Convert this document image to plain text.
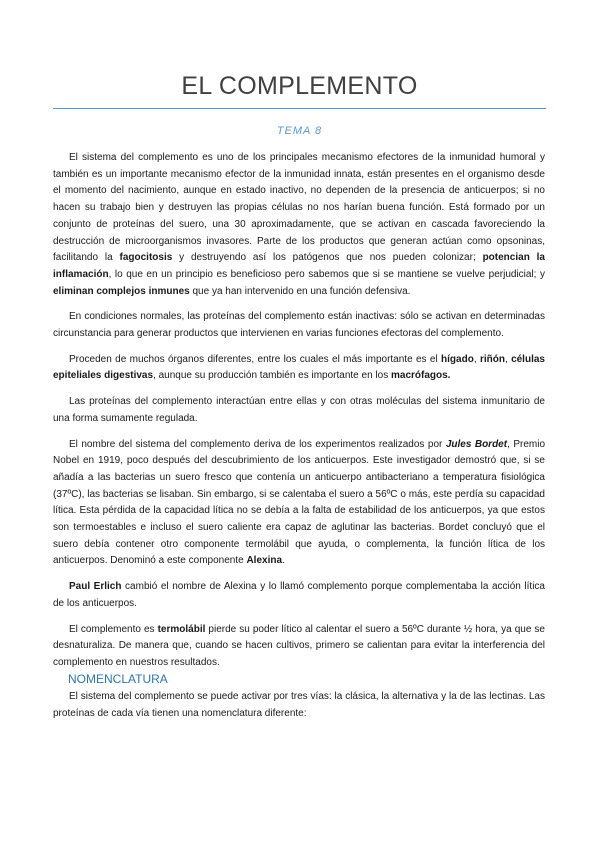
EL COMPLEMENTO
TEMA 8

El sistema del complemento es uno de los principales mecanismo efectores de la inmunidad humoral y también es un importante mecanismo efector de la inmunidad innata, están presentes en el organismo desde el momento del nacimiento, aunque en estado inactivo, no dependen de la presencia de anticuerpos; si no hacen su trabajo bien y destruyen las propias células no nos harían buena función. Está formado por un conjunto de proteínas del suero, una 30 aproximadamente, que se activan en cascada favoreciendo la destrucción de microorganismos invasores. Parte de los productos que generan actúan como opsoninas, facilitando la fagocitosis y destruyendo así los patógenos que nos pueden colonizar; potencian la inflamación, lo que en un principio es beneficioso pero sabemos que si se mantiene se vuelve perjudicial; y eliminan complejos inmunes que ya han intervenido en una función defensiva.

En condiciones normales, las proteínas del complemento están inactivas: sólo se activan en determinadas circunstancia para generar productos que intervienen en varias funciones efectoras del complemento.

Proceden de muchos órganos diferentes, entre los cuales el más importante es el hígado, riñón, células epiteliales digestivas, aunque su producción también es importante en los macrófagos.

Las proteínas del complemento interactúan entre ellas y con otras moléculas del sistema inmunitario de una forma sumamente regulada.

El nombre del sistema del complemento deriva de los experimentos realizados por Jules Bordet, Premio Nobel en 1919, poco después del descubrimiento de los anticuerpos. Este investigador demostró que, si se añadía a las bacterias un suero fresco que contenía un anticuerpo antibacteriano a temperatura fisiológica (37ºC), las bacterias se lisaban. Sin embargo, si se calentaba el suero a 56ºC o más, este perdía su capacidad lítica. Esta pérdida de la capacidad lítica no se debía a la falta de estabilidad de los anticuerpos, ya que estos son termoestables e incluso el suero caliente era capaz de aglutinar las bacterias. Bordet concluyó que el suero debía contener otro componente termolábil que ayuda, o complementa, la función lítica de los anticuerpos. Denominó a este componente Alexina.

Paul Erlich cambió el nombre de Alexina y lo llamó complemento porque complementaba la acción lítica de los anticuerpos.

El complemento es termolábil pierde su poder lítico al calentar el suero a 56ºC durante ½ hora, ya que se desnaturaliza. De manera que, cuando se hacen cultivos, primero se calientan para evitar la interferencia del complemento en nuestros resultados.

NOMENCLATURA

El sistema del complemento se puede activar por tres vías: la clásica, la alternativa y la de las lectinas. Las proteínas de cada vía tienen una nomenclatura diferente:
